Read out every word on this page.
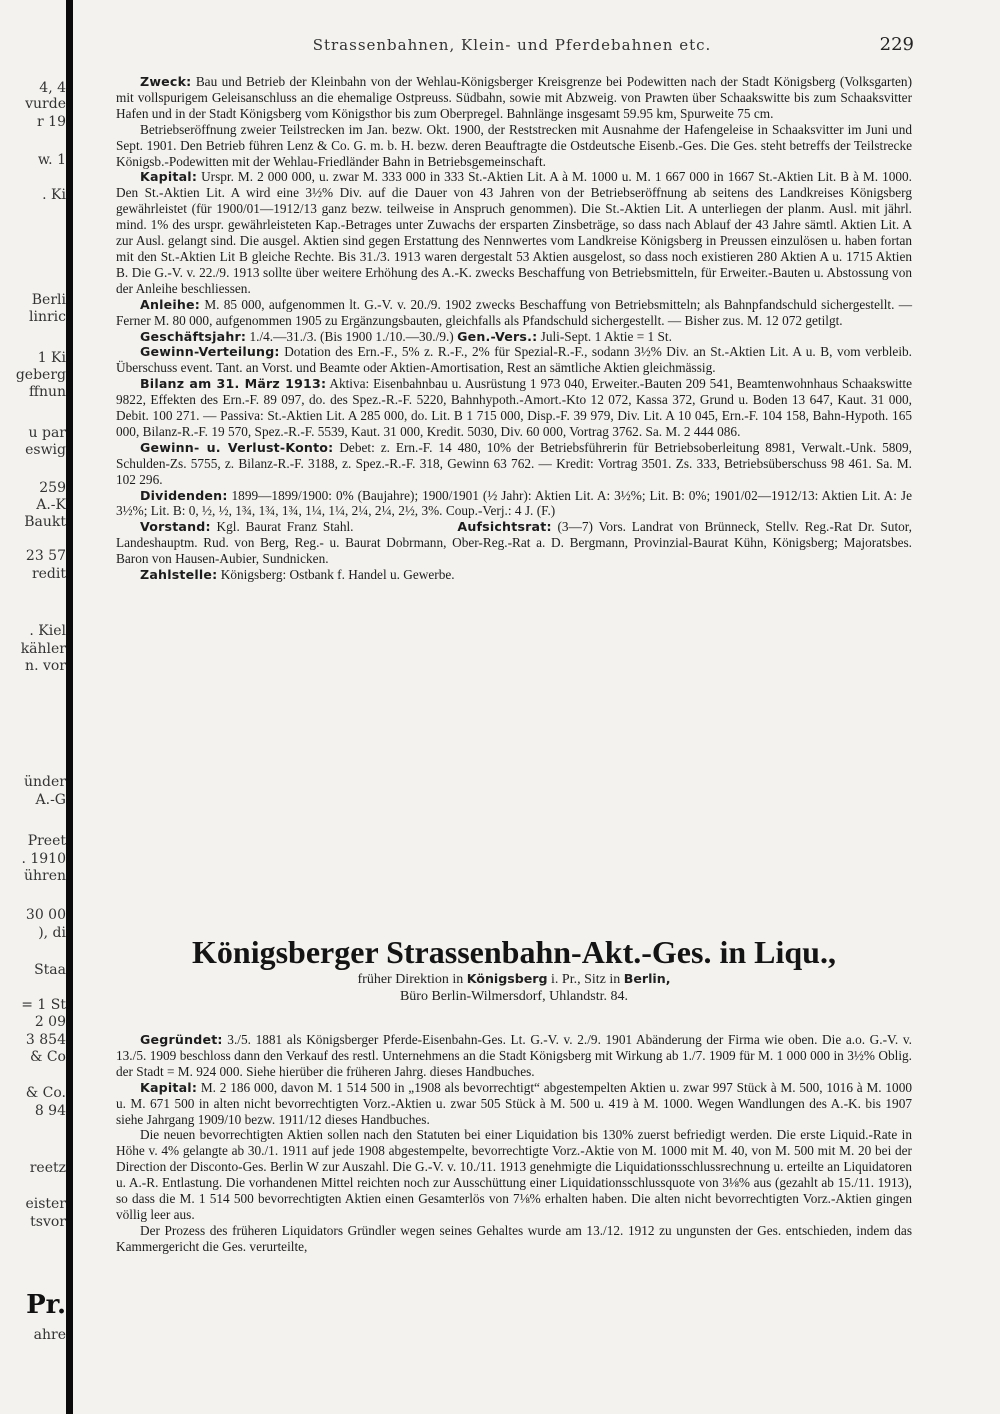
4, 4
vurde
r 19
w. 1
. Ki
Berli
linric
1 Ki
geberg
ffnun
u par
eswig
259
A.-K
Baukt
23 57
redit
. Kiel
kähler
n. vor
ünder
A.-G
Preet
. 1910
ühren
30 00
), di
Staa
= 1 St
2 09
3 854
& Co
& Co.
8 94
reetz
eister
tsvor
Pr.
ahre
Strassenbahnen, Klein- und Pferdebahnen etc.	229

Zweck: Bau und Betrieb der Kleinbahn von der Wehlau-Königsberger Kreisgrenze bei Podewitten nach der Stadt Königsberg (Volksgarten) mit vollspurigem Geleisanschluss an die ehemalige Ostpreuss. Südbahn, sowie mit Abzweig. von Prawten über Schaakswitte bis zum Schaaksvitter Hafen und in der Stadt Königsberg vom Königsthor bis zum Oberpregel. Bahnlänge insgesamt 59.95 km, Spurweite 75 cm.

Betriebseröffnung zweier Teilstrecken im Jan. bezw. Okt. 1900, der Reststrecken mit Ausnahme der Hafengeleise in Schaaksvitter im Juni und Sept. 1901. Den Betrieb führen Lenz & Co. G. m. b. H. bezw. deren Beauftragte die Ostdeutsche Eisenb.-Ges. Die Ges. steht betreffs der Teilstrecke Königsb.-Podewitten mit der Wehlau-Friedländer Bahn in Betriebsgemeinschaft.

Kapital: Urspr. M. 2 000 000, u. zwar M. 333 000 in 333 St.-Aktien Lit. A à M. 1000 u. M. 1 667 000 in 1667 St.-Aktien Lit. B à M. 1000. Den St.-Aktien Lit. A wird eine 3½% Div. auf die Dauer von 43 Jahren von der Betriebseröffnung ab seitens des Landkreises Königsberg gewährleistet (für 1900/01—1912/13 ganz bezw. teilweise in Anspruch genommen). Die St.-Aktien Lit. A unterliegen der planm. Ausl. mit jährl. mind. 1% des urspr. gewährleisteten Kap.-Betrages unter Zuwachs der ersparten Zinsbeträge, so dass nach Ablauf der 43 Jahre sämtl. Aktien Lit. A zur Ausl. gelangt sind. Die ausgel. Aktien sind gegen Erstattung des Nennwertes vom Landkreise Königsberg in Preussen einzulösen u. haben fortan mit den St.-Aktien Lit B gleiche Rechte. Bis 31./3. 1913 waren dergestalt 53 Aktien ausgelost, so dass noch existieren 280 Aktien A u. 1715 Aktien B. Die G.-V. v. 22./9. 1913 sollte über weitere Erhöhung des A.-K. zwecks Beschaffung von Betriebsmitteln, für Erweiter.-Bauten u. Abstossung von der Anleihe beschliessen.

Anleihe: M. 85 000, aufgenommen lt. G.-V. v. 20./9. 1902 zwecks Beschaffung von Betriebsmitteln; als Bahnpfandschuld sichergestellt. — Ferner M. 80 000, aufgenommen 1905 zu Ergänzungsbauten, gleichfalls als Pfandschuld sichergestellt. — Bisher zus. M. 12 072 getilgt.

Geschäftsjahr: 1./4.—31./3. (Bis 1900 1./10.—30./9.) Gen.-Vers.: Juli-Sept. 1 Aktie = 1 St.

Gewinn-Verteilung: Dotation des Ern.-F., 5% z. R.-F., 2% für Spezial-R.-F., sodann 3½% Div. an St.-Aktien Lit. A u. B, vom verbleib. Überschuss event. Tant. an Vorst. und Beamte oder Aktien-Amortisation, Rest an sämtliche Aktien gleichmässig.

Bilanz am 31. März 1913: Aktiva: Eisenbahnbau u. Ausrüstung 1 973 040, Erweiter.-Bauten 209 541, Beamtenwohnhaus Schaakswitte 9822, Effekten des Ern.-F. 89 097, do. des Spez.-R.-F. 5220, Bahnhypoth.-Amort.-Kto 12 072, Kassa 372, Grund u. Boden 13 647, Kaut. 31 000, Debit. 100 271. — Passiva: St.-Aktien Lit. A 285 000, do. Lit. B 1 715 000, Disp.-F. 39 979, Div. Lit. A 10 045, Ern.-F. 104 158, Bahn-Hypoth. 165 000, Bilanz-R.-F. 19 570, Spez.-R.-F. 5539, Kaut. 31 000, Kredit. 5030, Div. 60 000, Vortrag 3762. Sa. M. 2 444 086.

Gewinn- u. Verlust-Konto: Debet: z. Ern.-F. 14 480, 10% der Betriebsführerin für Betriebsoberleitung 8981, Verwalt.-Unk. 5809, Schulden-Zs. 5755, z. Bilanz-R.-F. 3188, z. Spez.-R.-F. 318, Gewinn 63 762. — Kredit: Vortrag 3501. Zs. 333, Betriebsüberschuss 98 461. Sa. M. 102 296.

Dividenden: 1899—1899/1900: 0% (Baujahre); 1900/1901 (½ Jahr): Aktien Lit. A: 3½%; Lit. B: 0%; 1901/02—1912/13: Aktien Lit. A: Je 3½%; Lit. B: 0, ½, ½, 1¾, 1¾, 1¾, 1¼, 1¼, 2¼, 2¼, 2½, 3%. Coup.-Verj.: 4 J. (F.)

Vorstand: Kgl. Baurat Franz Stahl.	Aufsichtsrat: (3—7) Vors. Landrat von Brünneck, Stellv. Reg.-Rat Dr. Sutor, Landeshauptm. Rud. von Berg, Reg.- u. Baurat Dobrmann, Ober-Reg.-Rat a. D. Bergmann, Provinzial-Baurat Kühn, Königsberg; Majoratsbes. Baron von Hausen-Aubier, Sundnicken.

Zahlstelle: Königsberg: Ostbank f. Handel u. Gewerbe.

Königsberger Strassenbahn-Akt.-Ges. in Liqu.,
früher Direktion in Königsberg i. Pr., Sitz in Berlin,
Büro Berlin-Wilmersdorf, Uhlandstr. 84.

Gegründet: 3./5. 1881 als Königsberger Pferde-Eisenbahn-Ges. Lt. G.-V. v. 2./9. 1901 Abänderung der Firma wie oben. Die a.o. G.-V. v. 13./5. 1909 beschloss dann den Verkauf des restl. Unternehmens an die Stadt Königsberg mit Wirkung ab 1./7. 1909 für M. 1 000 000 in 3½% Oblig. der Stadt = M. 924 000. Siehe hierüber die früheren Jahrg. dieses Handbuches.

Kapital: M. 2 186 000, davon M. 1 514 500 in „1908 als bevorrechtigt“ abgestempelten Aktien u. zwar 997 Stück à M. 500, 1016 à M. 1000 u. M. 671 500 in alten nicht bevorrechtigten Vorz.-Aktien u. zwar 505 Stück à M. 500 u. 419 à M. 1000. Wegen Wandlungen des A.-K. bis 1907 siehe Jahrgang 1909/10 bezw. 1911/12 dieses Handbuches.

Die neuen bevorrechtigten Aktien sollen nach den Statuten bei einer Liquidation bis 130% zuerst befriedigt werden. Die erste Liquid.-Rate in Höhe v. 4% gelangte ab 30./1. 1911 auf jede 1908 abgestempelte, bevorrechtigte Vorz.-Aktie von M. 1000 mit M. 40, von M. 500 mit M. 20 bei der Direction der Disconto-Ges. Berlin W zur Auszahl. Die G.-V. v. 10./11. 1913 genehmigte die Liquidationsschlussrechnung u. erteilte an Liquidatoren u. A.-R. Entlastung. Die vorhandenen Mittel reichten noch zur Ausschüttung einer Liquidationsschlussquote von 3⅛% aus (gezahlt ab 15./11. 1913), so dass die M. 1 514 500 bevorrechtigten Aktien einen Gesamterlös von 7⅛% erhalten haben. Die alten nicht bevorrechtigten Vorz.-Aktien gingen völlig leer aus.

Der Prozess des früheren Liquidators Gründler wegen seines Gehaltes wurde am 13./12. 1912 zu ungunsten der Ges. entschieden, indem das Kammergericht die Ges. verurteilte,
